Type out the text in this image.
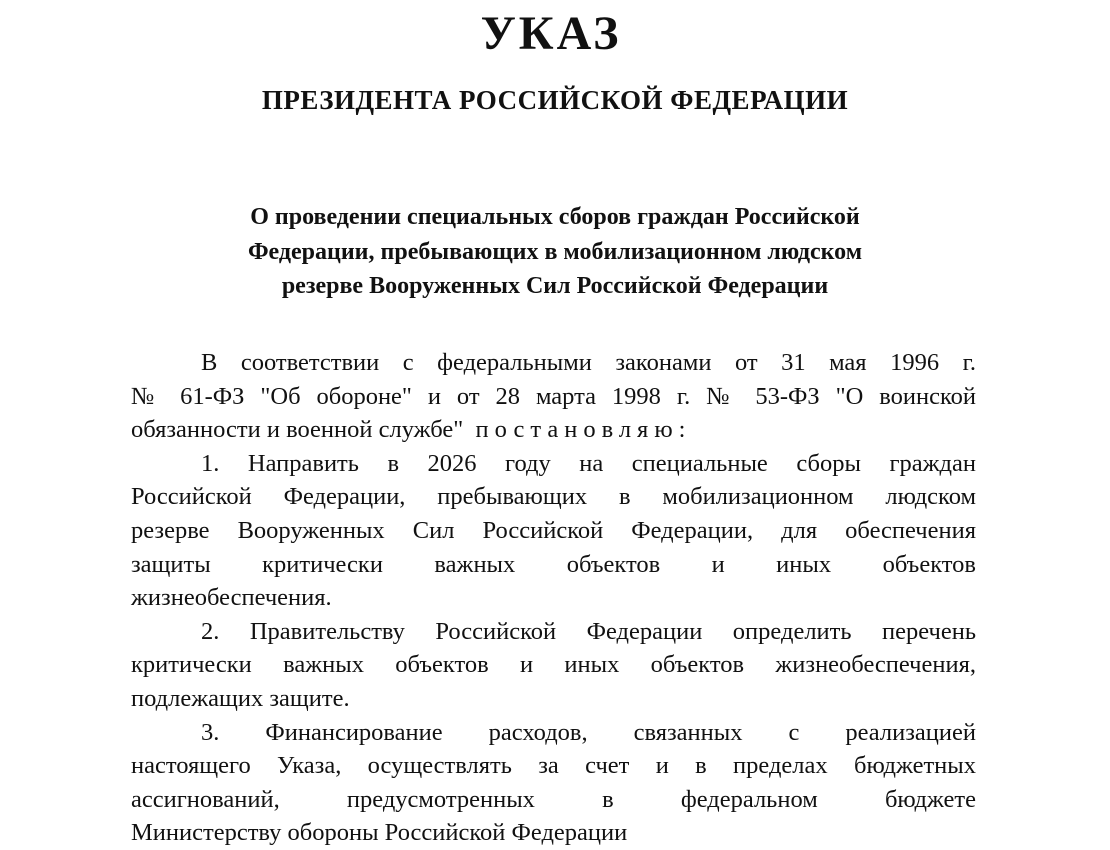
УКАЗ
ПРЕЗИДЕНТА РОССИЙСКОЙ ФЕДЕРАЦИИ
О проведении специальных сборов граждан Российской
Федерации, пребывающих в мобилизационном людском
резерве Вооруженных Сил Российской Федерации

В соответствии с федеральными законами от 31 мая 1996 г.
№ 61-ФЗ "Об обороне" и от 28 марта 1998 г. № 53-ФЗ "О воинской
обязанности и военной службе" постановляю:

1. Направить в 2026 году на специальные сборы граждан
Российской Федерации, пребывающих в мобилизационном людском
резерве Вооруженных Сил Российской Федерации, для обеспечения
защиты критически важных объектов и иных объектов
жизнеобеспечения.

2. Правительству Российской Федерации определить перечень
критически важных объектов и иных объектов жизнеобеспечения,
подлежащих защите.

3. Финансирование расходов, связанных с реализацией
настоящего Указа, осуществлять за счет и в пределах бюджетных
ассигнований, предусмотренных в федеральном бюджете
Министерству обороны Российской Федерации
